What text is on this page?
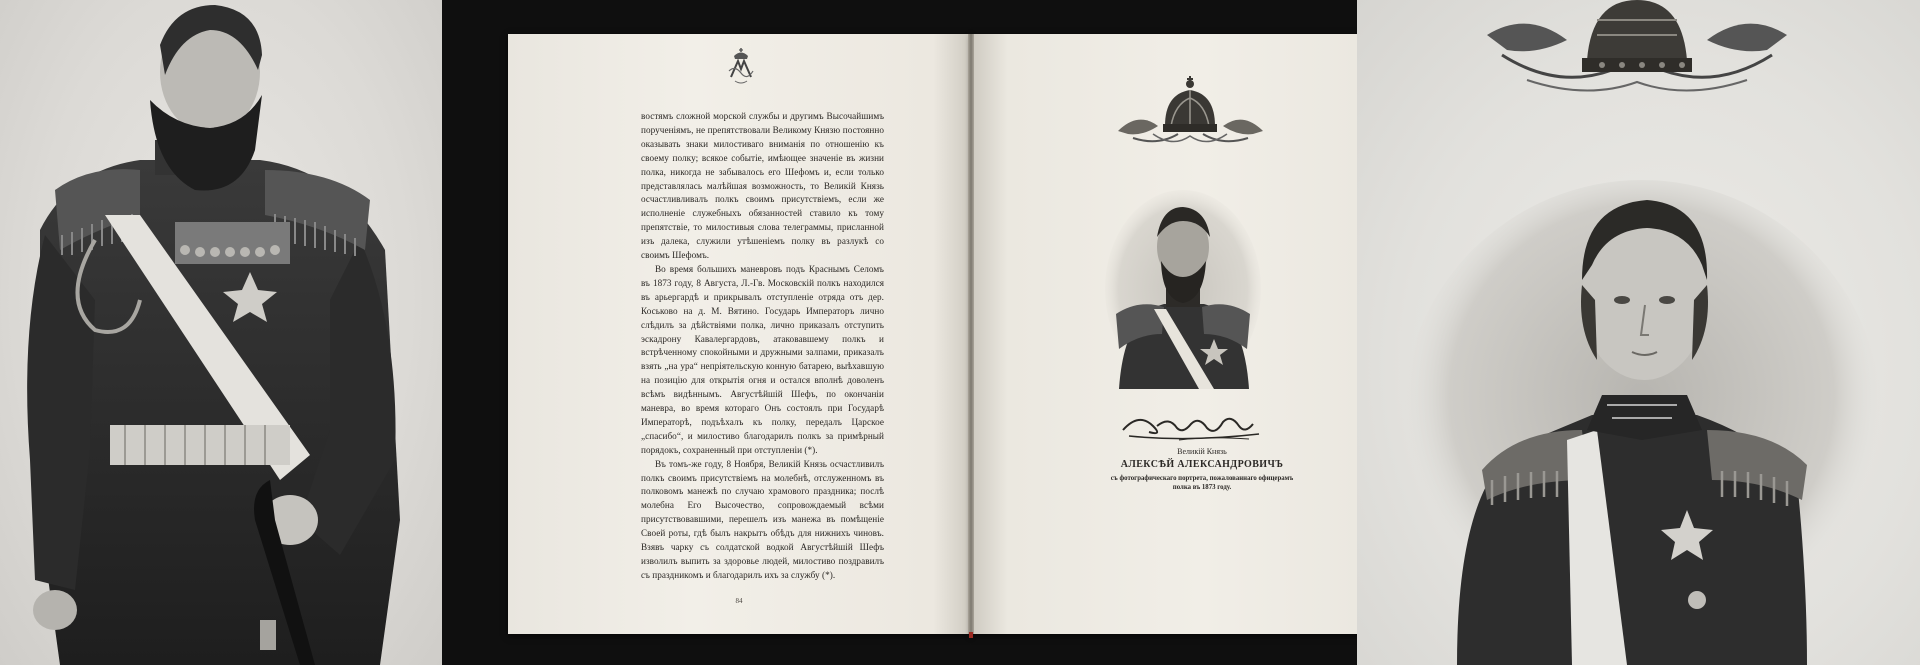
востямъ сложной морской службы и другимъ Высочайшимъ порученiямъ, не препятствовали Великому Князю постоянно оказывать знаки милостиваго вниманiя по отношенiю къ своему полку; всякое событiе, имѣющее значенiе въ жизни полка, никогда не забывалось его Шефомъ и, если только представлялась малѣйшая возможность, то Великiй Князь осчастливливалъ полкъ своимъ присутствiемъ, если же исполненiе служебныхъ обязанностей ставило къ тому препятствiе, то милостивыя слова телеграммы, присланной изъ далека, служили утѣшенiемъ полку въ разлукѣ со своимъ Шефомъ.

Во время большихъ маневровъ подъ Краснымъ Селомъ въ 1873 году, 8 Августа, Л.-Гв. Московскiй полкъ находился въ арьергардѣ и прикрывалъ отступленiе отряда отъ дер. Коськово на д. М. Вятино. Государь Императоръ лично слѣдилъ за дѣйствiями полка, лично приказалъ отступить эскадрону Кавалергардовъ, атаковавшему полкъ и встрѣченному спокойными и дружными залпами, приказалъ взять „на ура“ непрiятельскую конную батарею, выѣхавшую на позицiю для открытiя огня и остался вполнѣ доволенъ всѣмъ видѣннымъ. Августѣйшiй Шефъ, по окончанiи маневра, во время котораго Онъ состоялъ при Государѣ Императорѣ, подъѣхалъ къ полку, передалъ Царское „спасибо“, и милостиво благодарилъ полкъ за примѣрный порядокъ, сохраненный при отступленiи (*).

Въ томъ-же году, 8 Ноября, Великiй Князь осчастливилъ полкъ своимъ присутствiемъ на молебнѣ, отслуженномъ въ полковомъ манежѣ по случаю храмового праздника; послѣ молебна Его Высочество, сопровождаемый всѣми присутствовавшими, перешелъ изъ манежа въ помѣщенiе Своей роты, гдѣ былъ накрытъ обѣдъ для нижнихъ чиновъ. Взявъ чарку съ солдатской водкой Августѣйшiй Шефъ изволилъ выпить за здоровье людей, милостиво поздравилъ съ праздникомъ и благодарилъ ихъ за службу (*).

84
Великiй Князь
АЛЕКСѢЙ АЛЕКСАНДРОВИЧЪ
съ фотографическаго портрета, пожалованнаго офицерамъ
полка въ 1873 году.
